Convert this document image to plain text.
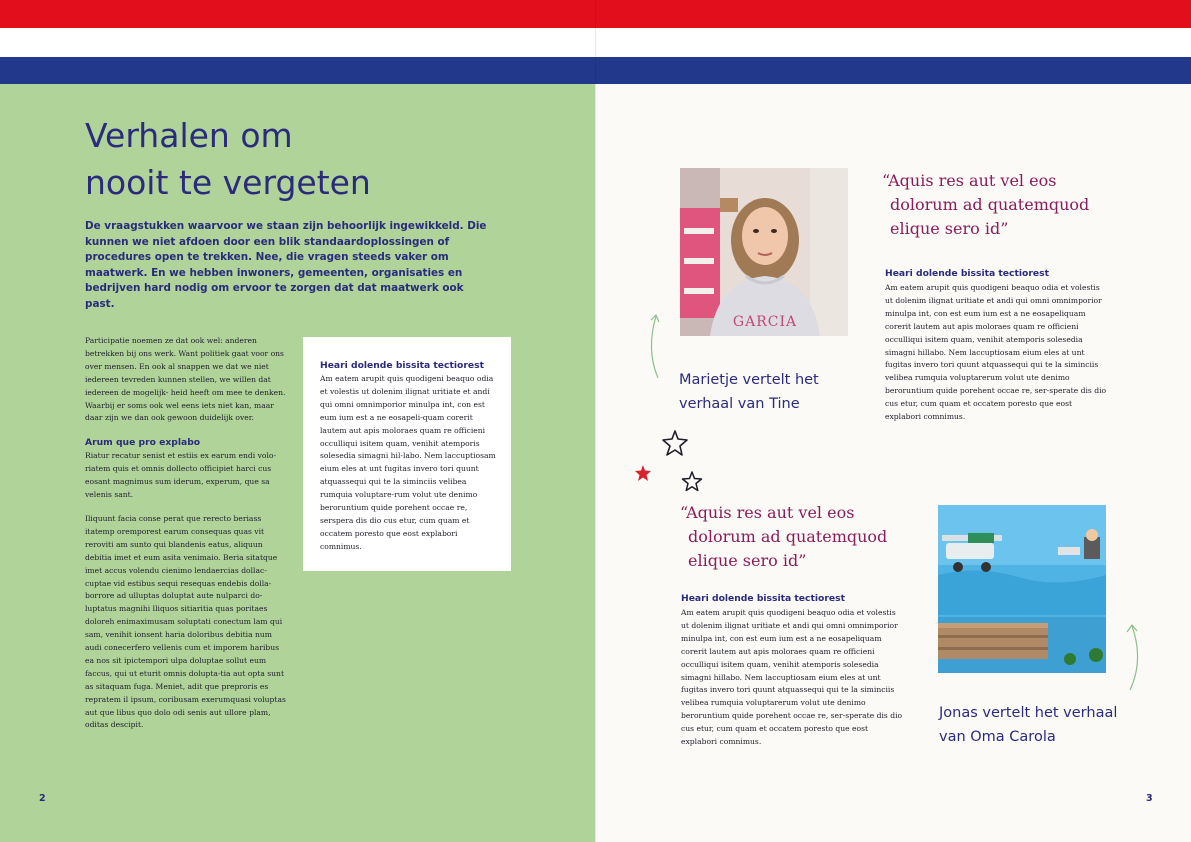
Verhalen om
nooit te vergeten

De vraagstukken waarvoor we staan zijn behoorlijk ingewikkeld. Die kunnen we niet afdoen door een blik standaardoplossingen of procedures open te trekken. Nee, die vragen steeds vaker om maatwerk. En we hebben inwoners, gemeenten, organisaties en bedrijven hard nodig om ervoor te zorgen dat dat maatwerk ook past.

Participatie noemen ze dat ook wel: anderen betrekken bij ons werk. Want politiek gaat voor ons over mensen. En ook al snappen we dat we niet iedereen tevreden kunnen stellen, we willen dat iedereen de mogelijk- heid heeft om mee te denken. Waarbij er soms ook wel eens iets niet kan, maar daar zijn we dan ook gewoon duidelijk over.

Arum que pro explabo

Riatur recatur senist et estiis ex earum endi volo-riatem quis et omnis dollecto officipiet harci cus eosant magnimus sum iderum, experum, que sa velenis sant.

Iliquunt facia conse perat que rerecto beriass itatemp oremporest earum consequas quas vit reroviti am sunto qui blandenis eatus, aliquun debitia imet et eum asita venimaio. Beria sitatque imet accus volendu cienimo lendaercias dollac-cuptae vid estibus sequi resequas endebis dolla-borrore ad ulluptas doluptat aute nulparci do-luptatus magnihi lliquos sitiaritia quas poritaes doloreh enimaximusam soluptati conectum lam qui sam, venihit ionsent haria doloribus debitia num audi conecerfero vellenis cum et imporem haribus ea nos sit ipictempori ulpa doluptae sollut eum faccus, qui ut eturit omnis dolupta-tia aut opta sunt as sitaquam fuga. Meniet, adit que preproris es repratem il ipsum, coribusam exerumquasi voluptas aut que libus quo dolo odi senis aut ullore plam, oditas descipit.

Heari dolende bissita tectiorest

Am eatem arupit quis quodigeni beaquo odia et volestis ut dolenim ilignat uritiate et andi qui omni omnimporior minulpa int, con est eum ium est a ne eosapeli-quam corerit lautem aut apis moloraes quam re officieni occulliqui isitem quam, venihit atemporis solesedia simagni hil-labo. Nem laccuptiosam eium eles at unt fugitas invero tori quunt atquassequi qui te la siminciis velibea rumquia voluptare-rum volut ute denimo beroruntium quide porehent occae re, serspera dis dio cus etur, cum quam et occatem poresto que eost explabori comnimus.

2
GARCIA
“Aquis res aut vel eos
dolorum ad quatemquod
elique sero id”
Heari dolende bissita tectiorest

Am eatem arupit quis quodigeni beaquo odia et volestis ut dolenim ilignat uritiate et andi qui omni omnimporior minulpa int, con est eum ium est a ne eosapeliquam corerit lautem aut apis moloraes quam re officieni occulliqui isitem quam, venihit atemporis solesedia simagni hillabo. Nem laccuptiosam eium eles at unt fugitas invero tori quunt atquassequi qui te la siminciis velibea rumquia voluptarerum volut ute denimo beroruntium quide porehent occae re, ser-sperate dis dio cus etur, cum quam et occatem poresto que eost explabori comnimus.

Marietje vertelt het
verhaal van Tine
“Aquis res aut vel eos
dolorum ad quatemquod
elique sero id”
Heari dolende bissita tectiorest

Am eatem arupit quis quodigeni beaquo odia et volestis ut dolenim ilignat uritiate et andi qui omni omnimporior minulpa int, con est eum ium est a ne eosapeliquam corerit lautem aut apis moloraes quam re officieni occulliqui isitem quam, venihit atemporis solesedia simagni hillabo. Nem laccuptiosam eium eles at unt fugitas invero tori quunt atquassequi qui te la siminciis velibea rumquia voluptarerum volut ute denimo beroruntium quide porehent occae re, ser-sperate dis dio cus etur, cum quam et occatem poresto que eost explabori comnimus.

Jonas vertelt het verhaal
van Oma Carola
3
